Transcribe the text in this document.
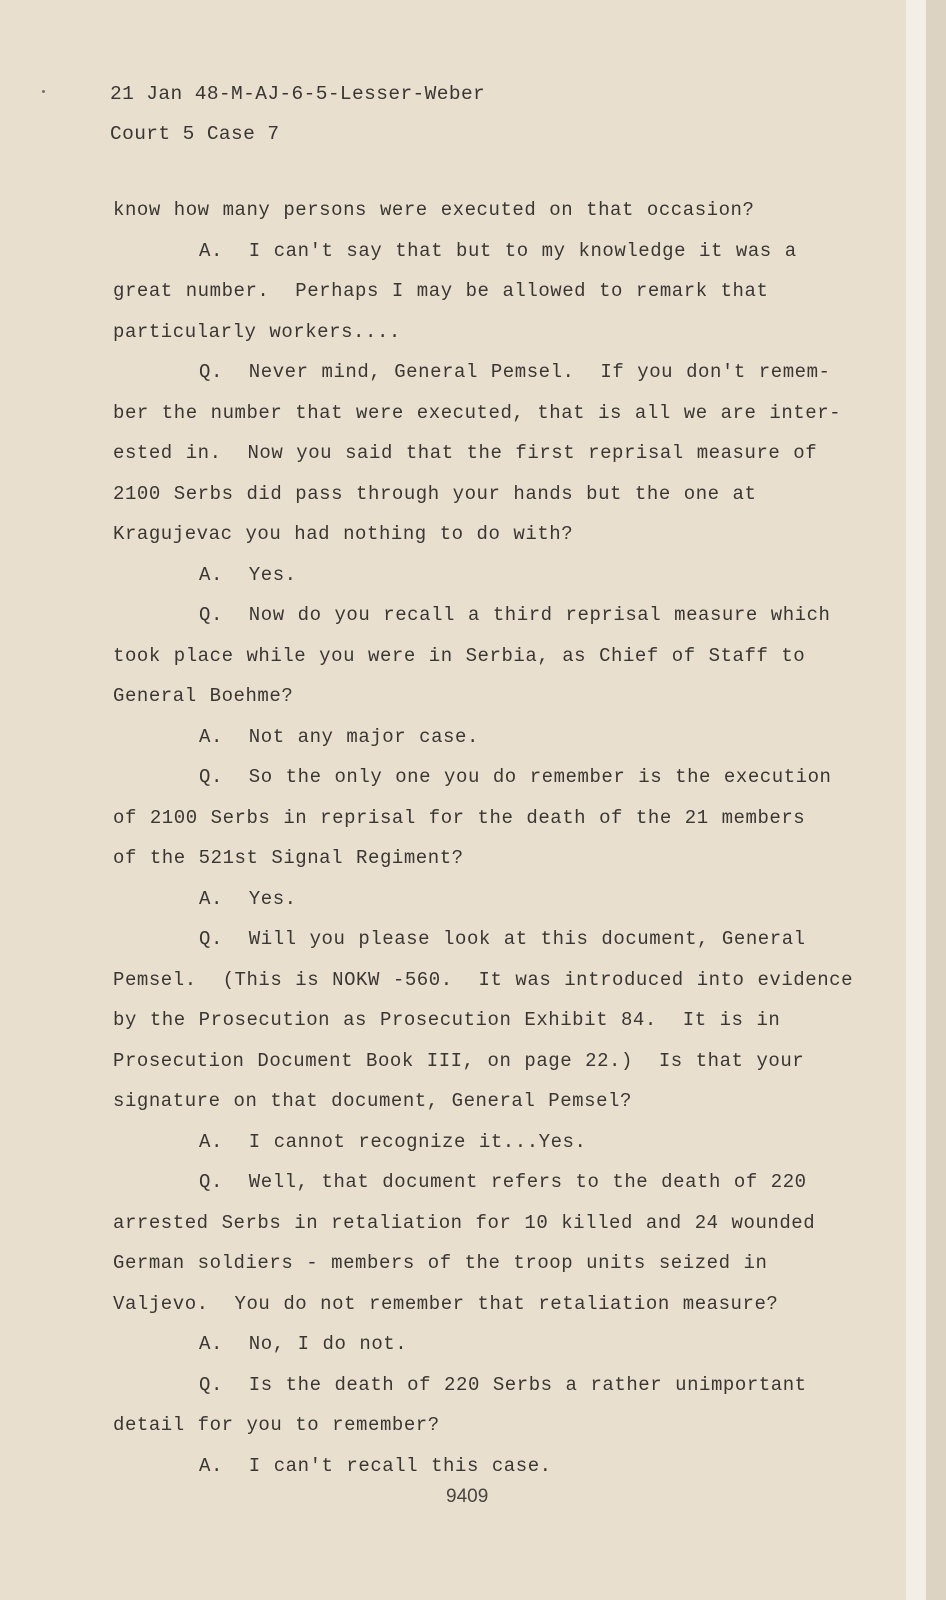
21 Jan 48-M-AJ-6-5-Lesser-Weber
Court 5 Case 7
know how many persons were executed on that occasion?
A.  I can't say that but to my knowledge it was a
great number.  Perhaps I may be allowed to remark that
particularly workers....
Q.  Never mind, General Pemsel.  If you don't remem-
ber the number that were executed, that is all we are inter-
ested in.  Now you said that the first reprisal measure of
2100 Serbs did pass through your hands but the one at
Kragujevac you had nothing to do with?
A.  Yes.
Q.  Now do you recall a third reprisal measure which
took place while you were in Serbia, as Chief of Staff to
General Boehme?
A.  Not any major case.
Q.  So the only one you do remember is the execution
of 2100 Serbs in reprisal for the death of the 21 members
of the 521st Signal Regiment?
A.  Yes.
Q.  Will you please look at this document, General
Pemsel.  (This is NOKW -560.  It was introduced into evidence
by the Prosecution as Prosecution Exhibit 84.  It is in
Prosecution Document Book III, on page 22.)  Is that your
signature on that document, General Pemsel?
A.  I cannot recognize it...Yes.
Q.  Well, that document refers to the death of 220
arrested Serbs in retaliation for 10 killed and 24 wounded
German soldiers - members of the troop units seized in
Valjevo.  You do not remember that retaliation measure?
A.  No, I do not.
Q.  Is the death of 220 Serbs a rather unimportant
detail for you to remember?
A.  I can't recall this case.
9409
